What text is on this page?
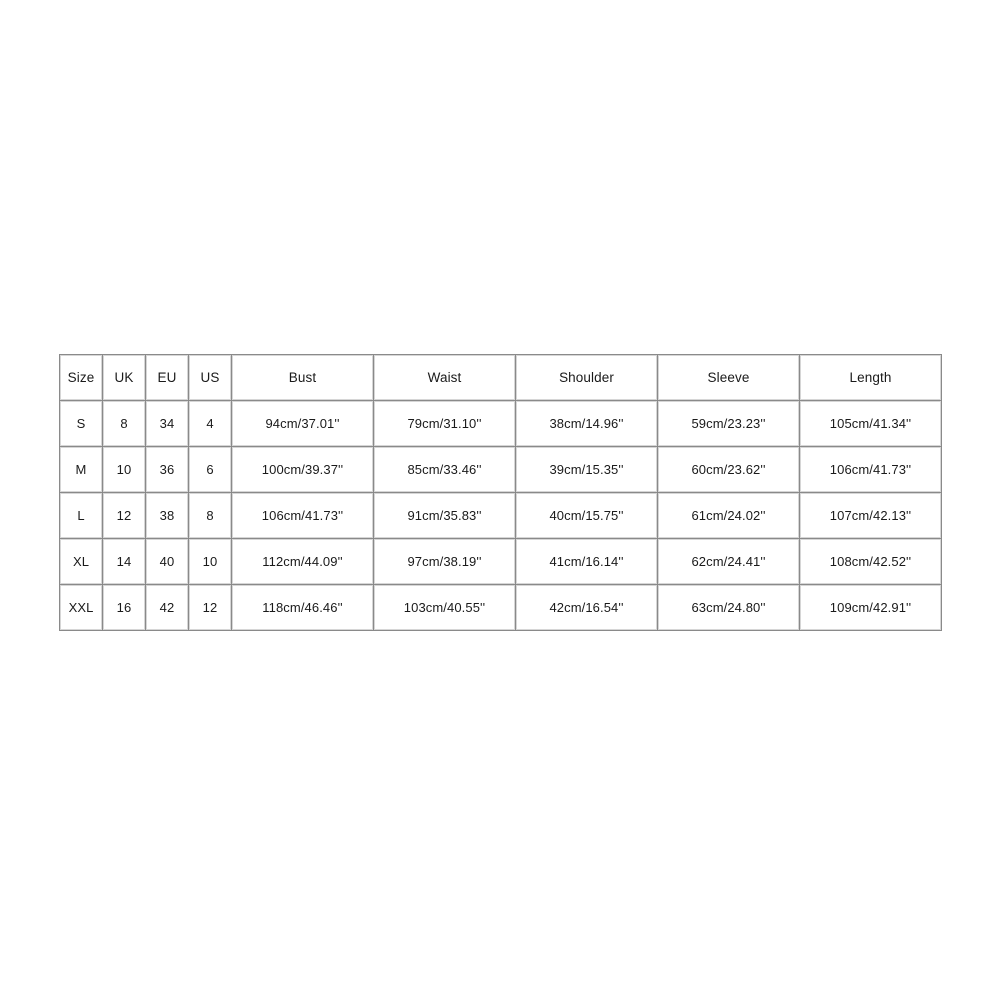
Size	UK	EU	US	Bust	Waist	Shoulder	Sleeve	Length
S	8	34	4	94cm/37.01''	79cm/31.10''	38cm/14.96''	59cm/23.23''	105cm/41.34''
M	10	36	6	100cm/39.37''	85cm/33.46''	39cm/15.35''	60cm/23.62''	106cm/41.73''
L	12	38	8	106cm/41.73''	91cm/35.83''	40cm/15.75''	61cm/24.02''	107cm/42.13''
XL	14	40	10	112cm/44.09''	97cm/38.19''	41cm/16.14''	62cm/24.41''	108cm/42.52''
XXL	16	42	12	118cm/46.46''	103cm/40.55''	42cm/16.54''	63cm/24.80''	109cm/42.91''
